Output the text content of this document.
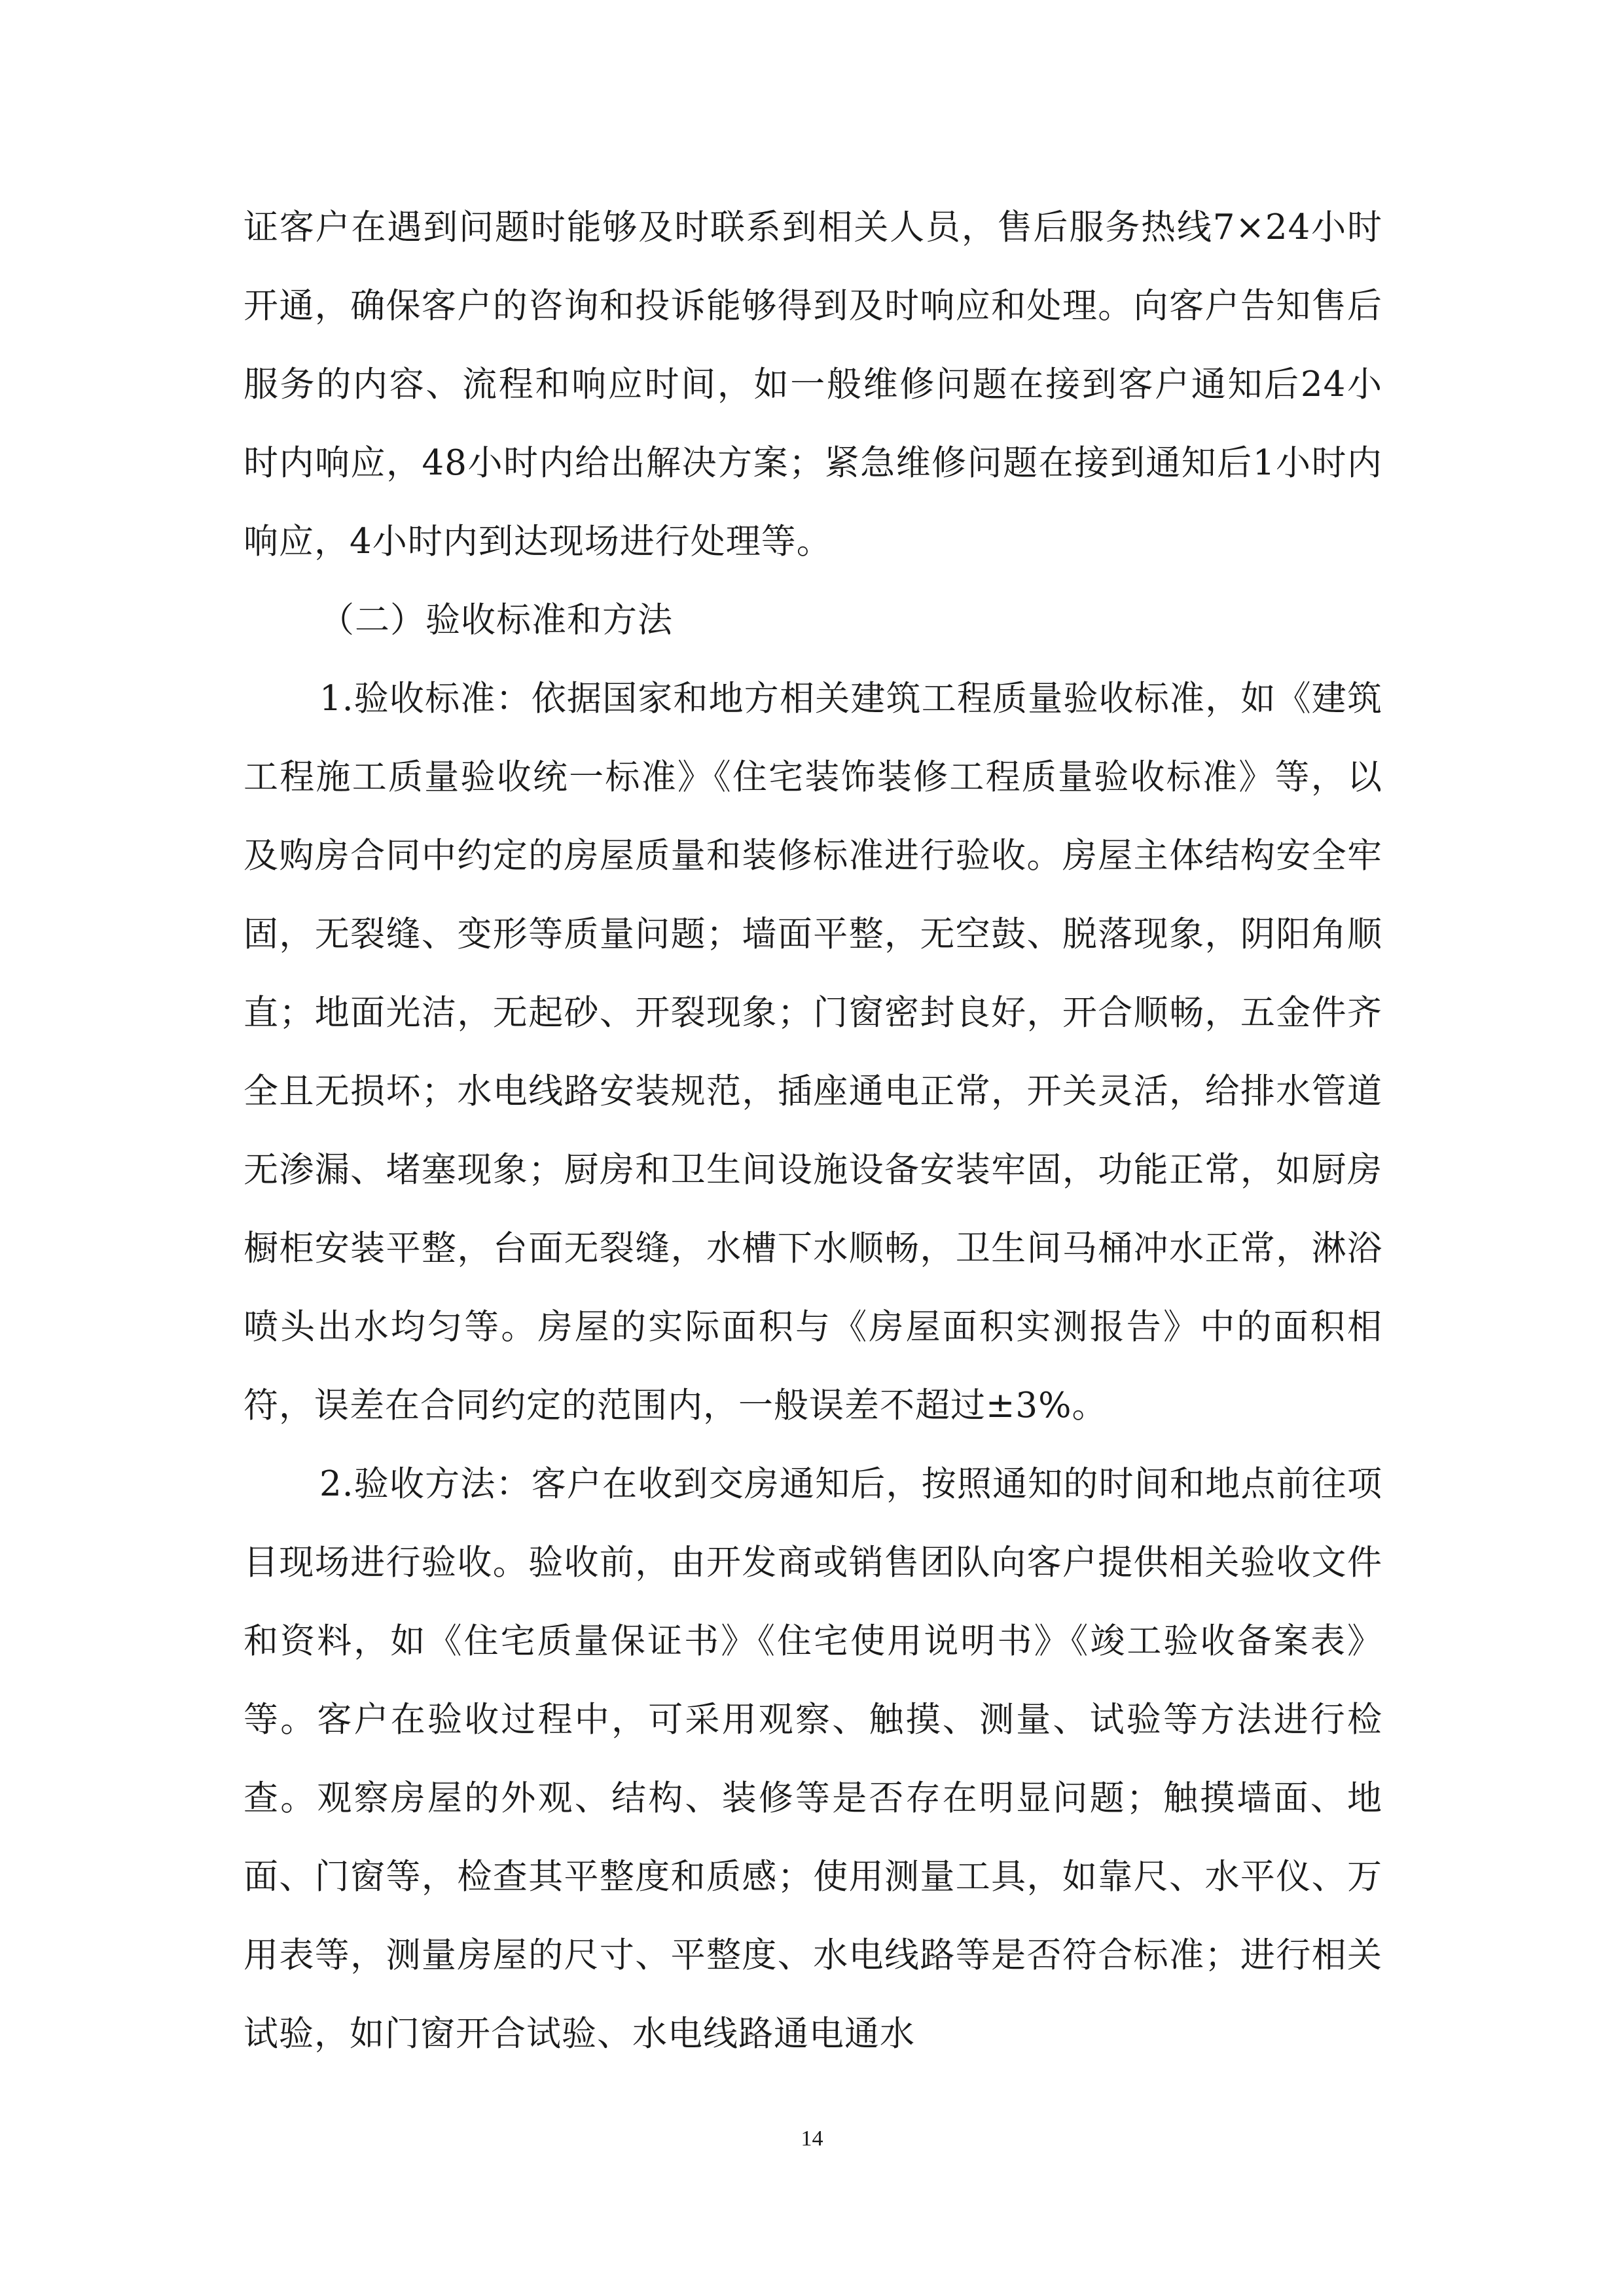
证客户在遇到问题时能够及时联系到相关人员，售后服务热线7×24小时开通，确保客户的咨询和投诉能够得到及时响应和处理。向客户告知售后服务的内容、流程和响应时间，如一般维修问题在接到客户通知后24小时内响应，48小时内给出解决方案；紧急维修问题在接到通知后1小时内响应，4小时内到达现场进行处理等。

（二）验收标准和方法

1.验收标准：依据国家和地方相关建筑工程质量验收标准，如《建筑工程施工质量验收统一标准》《住宅装饰装修工程质量验收标准》等，以及购房合同中约定的房屋质量和装修标准进行验收。房屋主体结构安全牢固，无裂缝、变形等质量问题；墙面平整，无空鼓、脱落现象，阴阳角顺直；地面光洁，无起砂、开裂现象；门窗密封良好，开合顺畅，五金件齐全且无损坏；水电线路安装规范，插座通电正常，开关灵活，给排水管道无渗漏、堵塞现象；厨房和卫生间设施设备安装牢固，功能正常，如厨房橱柜安装平整，台面无裂缝，水槽下水顺畅，卫生间马桶冲水正常，淋浴喷头出水均匀等。房屋的实际面积与《房屋面积实测报告》中的面积相符，误差在合同约定的范围内，一般误差不超过±3%。

2.验收方法：客户在收到交房通知后，按照通知的时间和地点前往项目现场进行验收。验收前，由开发商或销售团队向客户提供相关验收文件和资料，如《住宅质量保证书》《住宅使用说明书》《竣工验收备案表》等。客户在验收过程中，可采用观察、触摸、测量、试验等方法进行检查。观察房屋的外观、结构、装修等是否存在明显问题；触摸墙面、地面、门窗等，检查其平整度和质感；使用测量工具，如靠尺、水平仪、万用表等，测量房屋的尺寸、平整度、水电线路等是否符合标准；进行相关试验，如门窗开合试验、水电线路通电通水

14
